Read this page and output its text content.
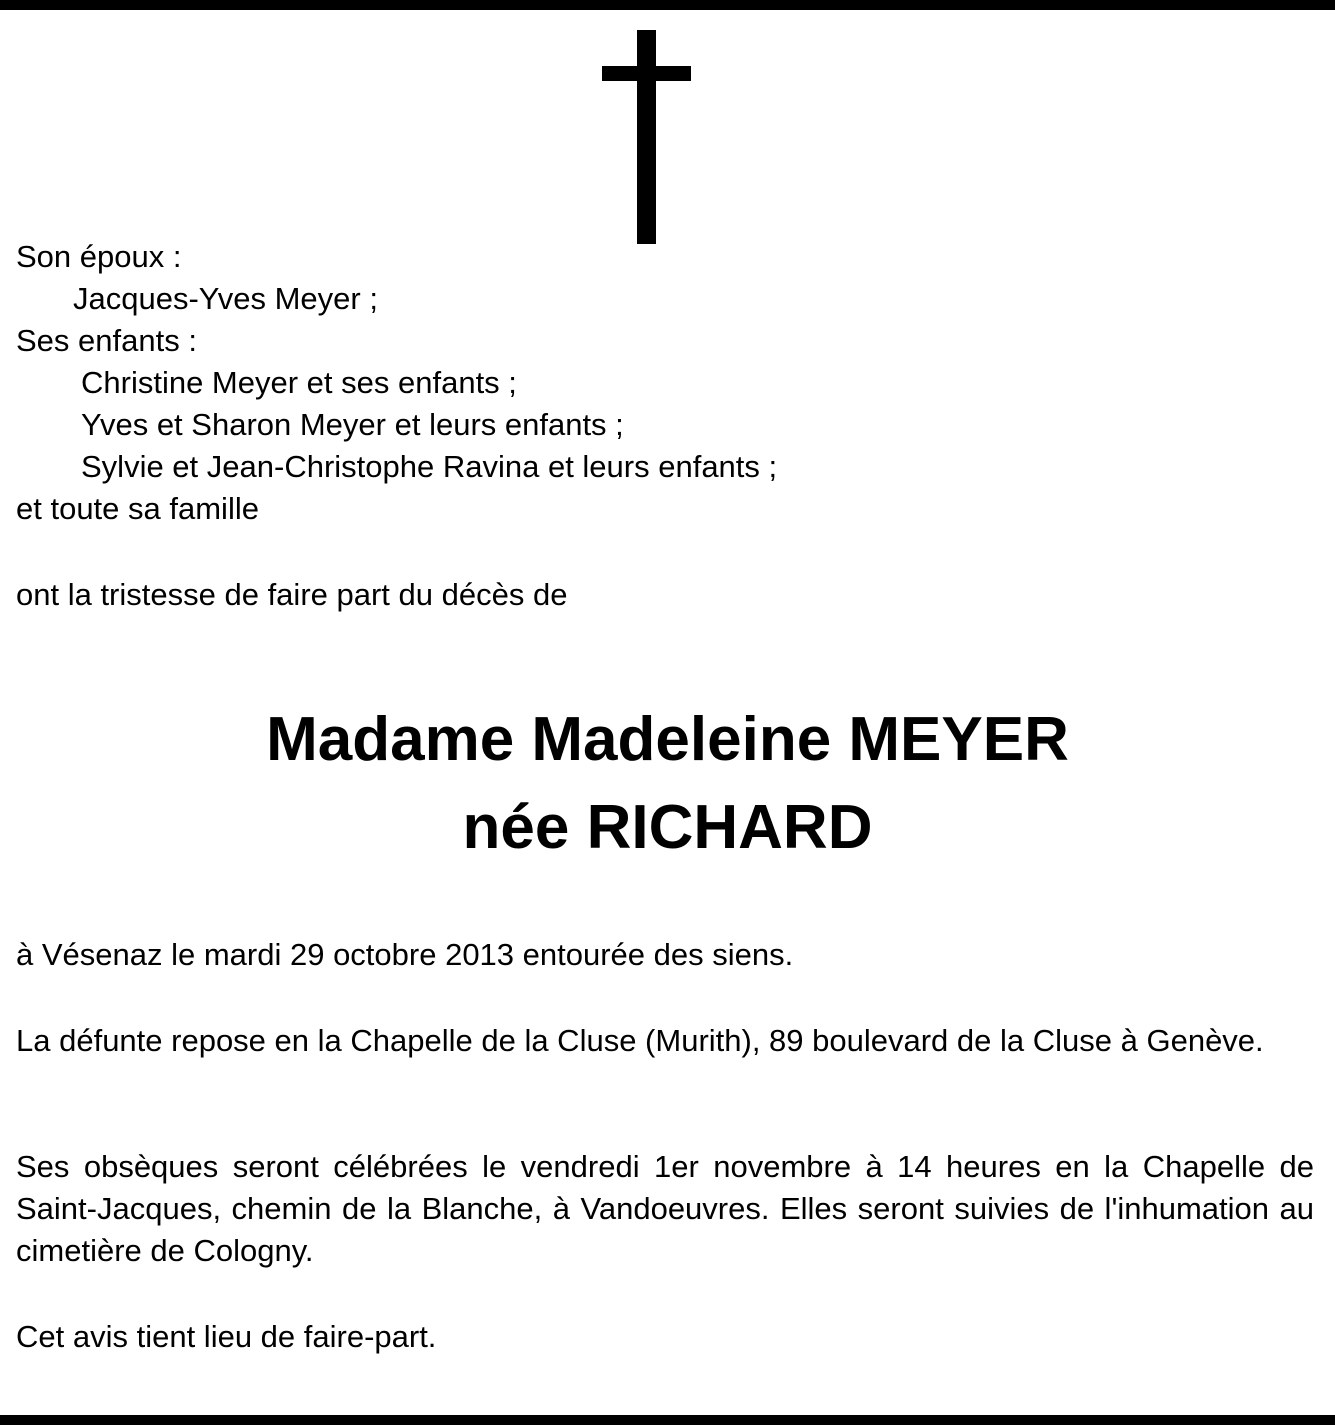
Son époux :
Jacques-Yves Meyer ;
Ses enfants :
Christine Meyer et ses enfants ;
Yves et Sharon Meyer et leurs enfants ;
Sylvie et Jean-Christophe Ravina et leurs enfants ;
et toute sa famille
ont la tristesse de faire part du décès de
Madame Madeleine MEYER
née RICHARD
à Vésenaz le mardi 29 octobre 2013 entourée des siens.
La défunte repose en la Chapelle de la Cluse (Murith), 89 boulevard de la Cluse à Genève.
Ses obsèques seront célébrées le vendredi 1er novembre à 14 heures en la Chapelle de Saint-Jacques, chemin de la Blanche, à Vandoeuvres. Elles seront suivies de l'inhumation au cimetière de Cologny.
Cet avis tient lieu de faire-part.
